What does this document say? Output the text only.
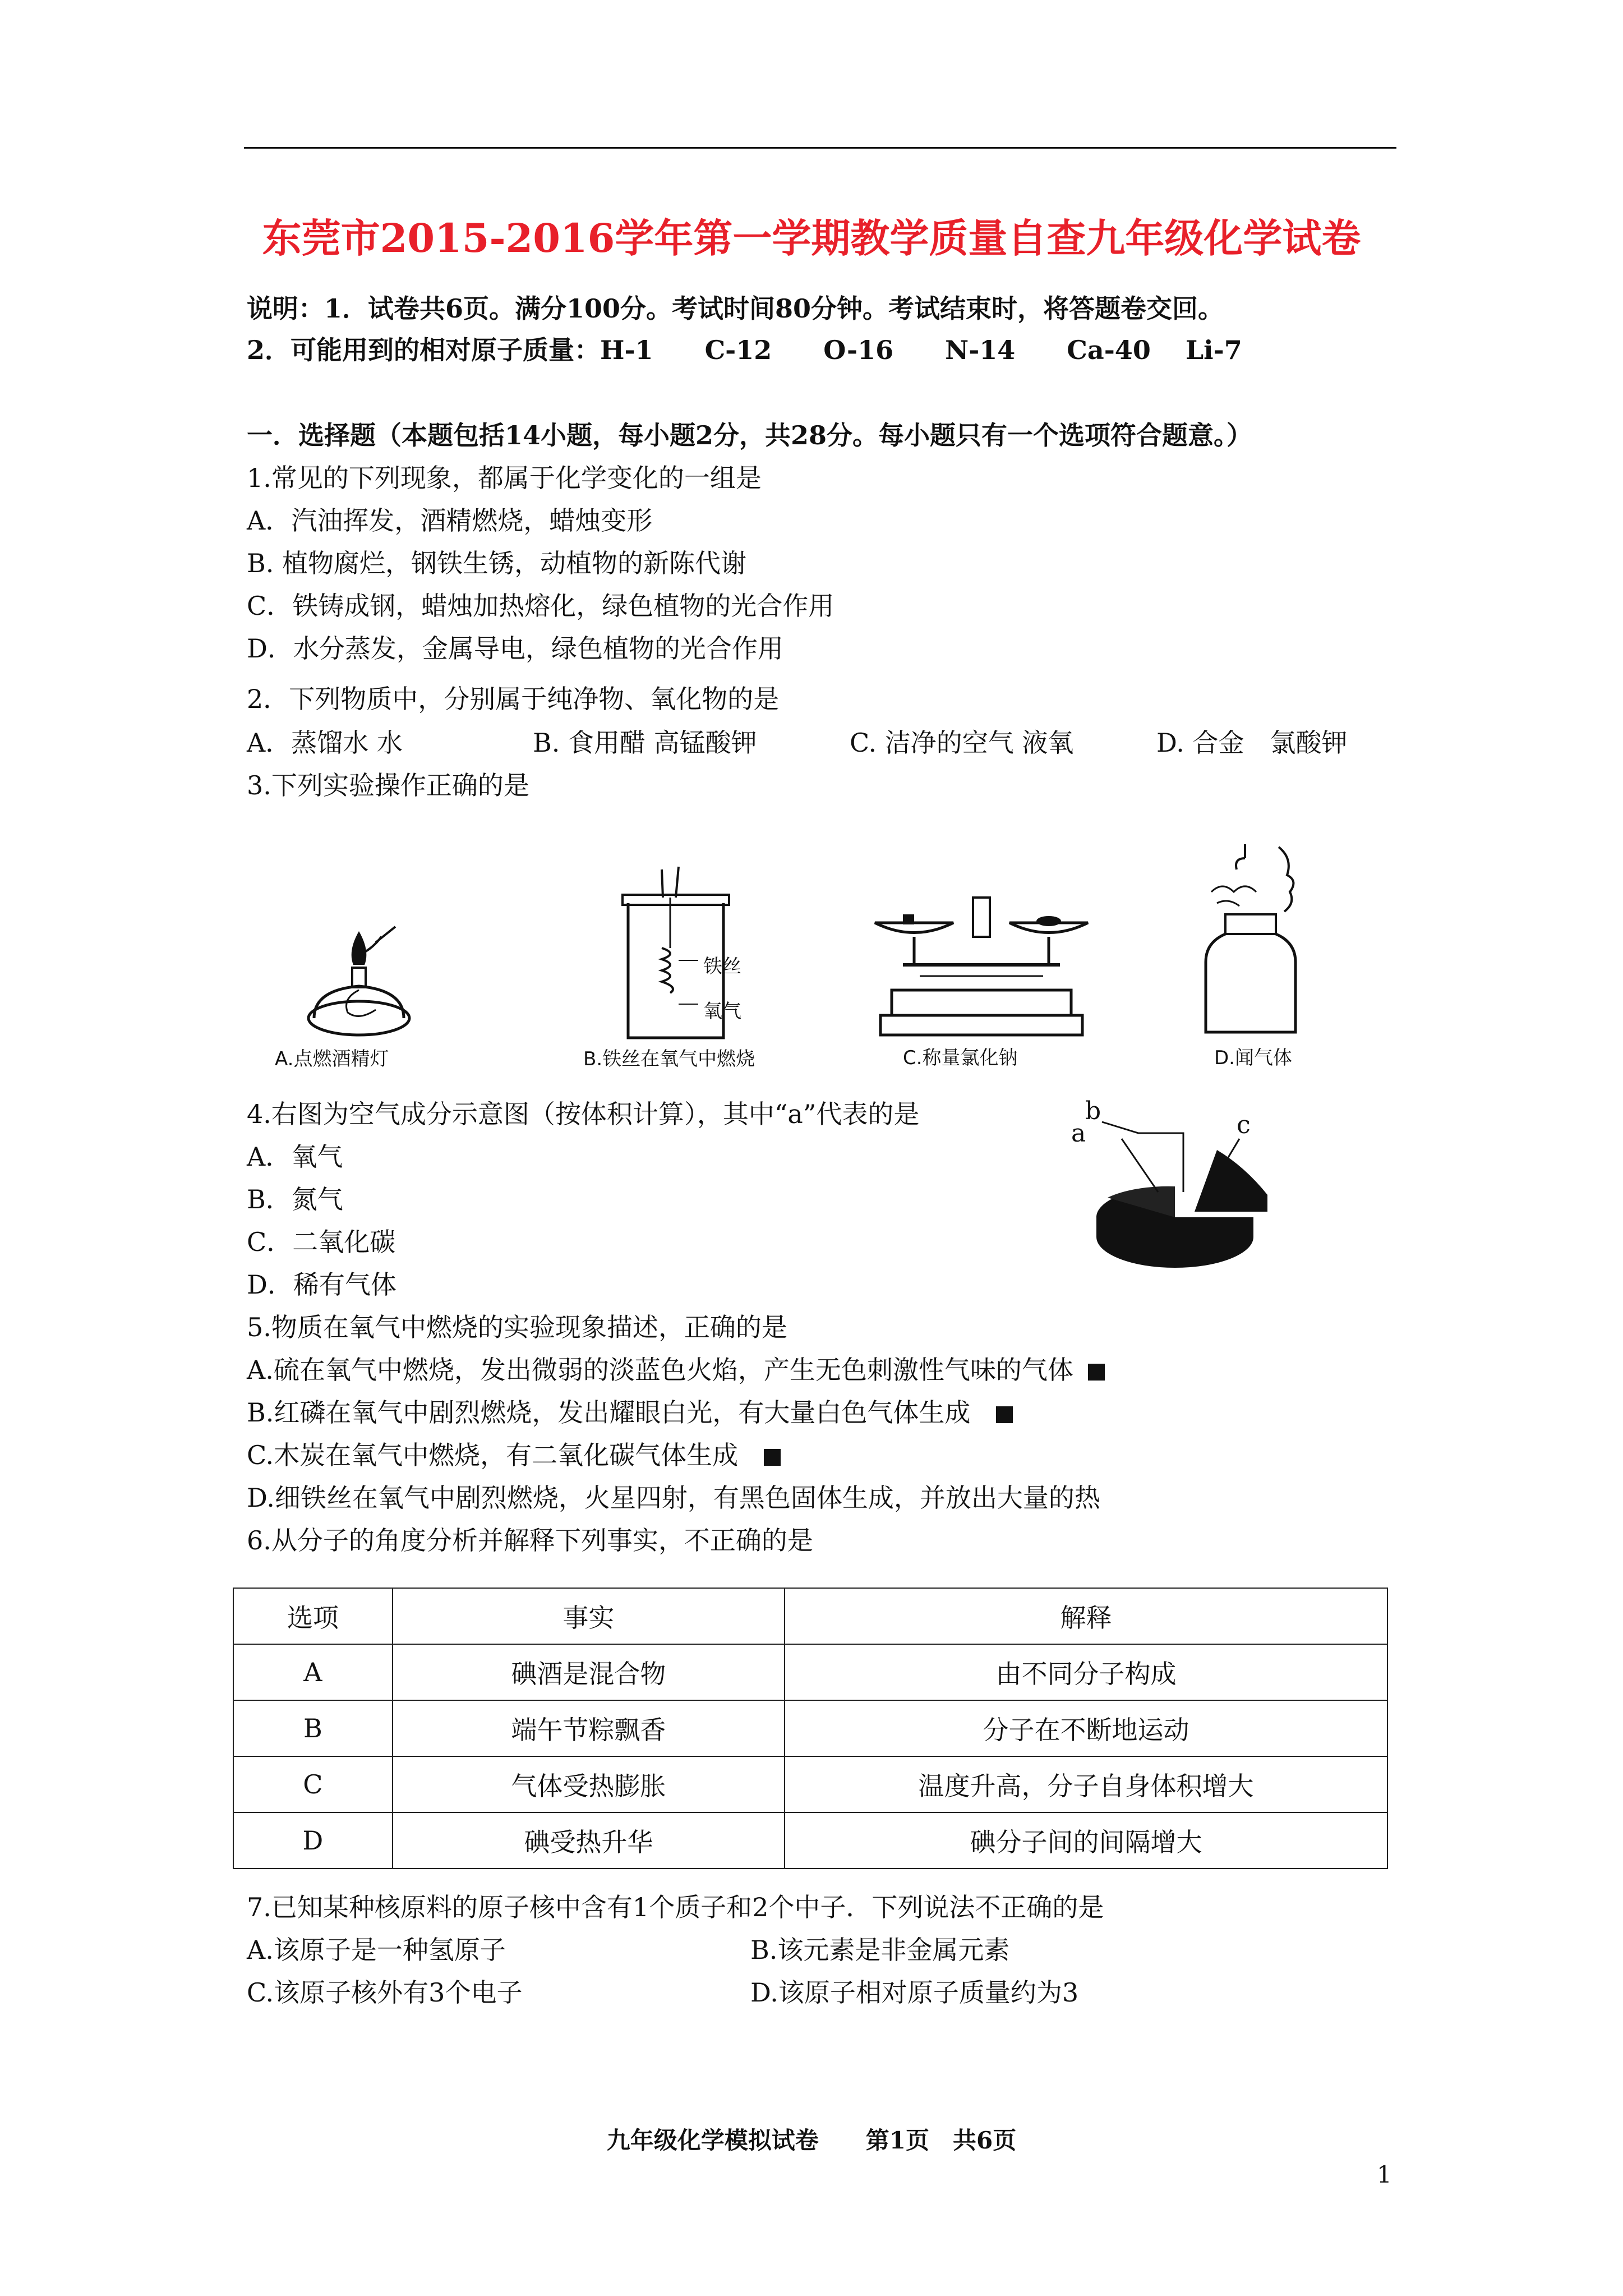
东莞市2015-2016学年第一学期教学质量自查九年级化学试卷
说明：1．试卷共6页。满分100分。考试时间80分钟。考试结束时，将答题卷交回。
2．可能用到的相对原子质量：H-1　　C-12　　O-16　　N-14　　Ca-40　 Li-7
一．选择题（本题包括14小题，每小题2分，共28分。每小题只有一个选项符合题意。）
1.常见的下列现象，都属于化学变化的一组是
A．汽油挥发，酒精燃烧，蜡烛变形
B. 植物腐烂，钢铁生锈，动植物的新陈代谢
C．铁铸成钢，蜡烛加热熔化，绿色植物的光合作用
D．水分蒸发，金属导电，绿色植物的光合作用
2．下列物质中，分别属于纯净物、氧化物的是
A．蒸馏水 水	B. 食用醋 高锰酸钾	C. 洁净的空气 液氧	D. 合金　氯酸钾
3.下列实验操作正确的是
A.点燃酒精灯
铁丝
氧气
B.铁丝在氧气中燃烧	C.称量氯化钠	D.闻气体
4.右图为空气成分示意图（按体积计算），其中“a”代表的是
A．氧气
B．氮气
C．二氧化碳
D．稀有气体
a
b	c
5.物质在氧气中燃烧的实验现象描述，正确的是
A.硫在氧气中燃烧，发出微弱的淡蓝色火焰，产生无色刺激性气味的气体
B.红磷在氧气中剧烈燃烧，发出耀眼白光，有大量白色气体生成
C.木炭在氧气中燃烧，有二氧化碳气体生成
D.细铁丝在氧气中剧烈燃烧，火星四射，有黑色固体生成，并放出大量的热
6.从分子的角度分析并解释下列事实，不正确的是
选项	事实	解释
A	碘酒是混合物	由不同分子构成
B	端午节粽飘香	分子在不断地运动
C	气体受热膨胀	温度升高，分子自身体积增大
D	碘受热升华	碘分子间的间隔增大
7.已知某种核原料的原子核中含有1个质子和2个中子．下列说法不正确的是
A.该原子是一种氢原子	B.该元素是非金属元素
C.该原子核外有3个电子	D.该原子相对原子质量约为3
九年级化学模拟试卷　　第1页　共6页
1
